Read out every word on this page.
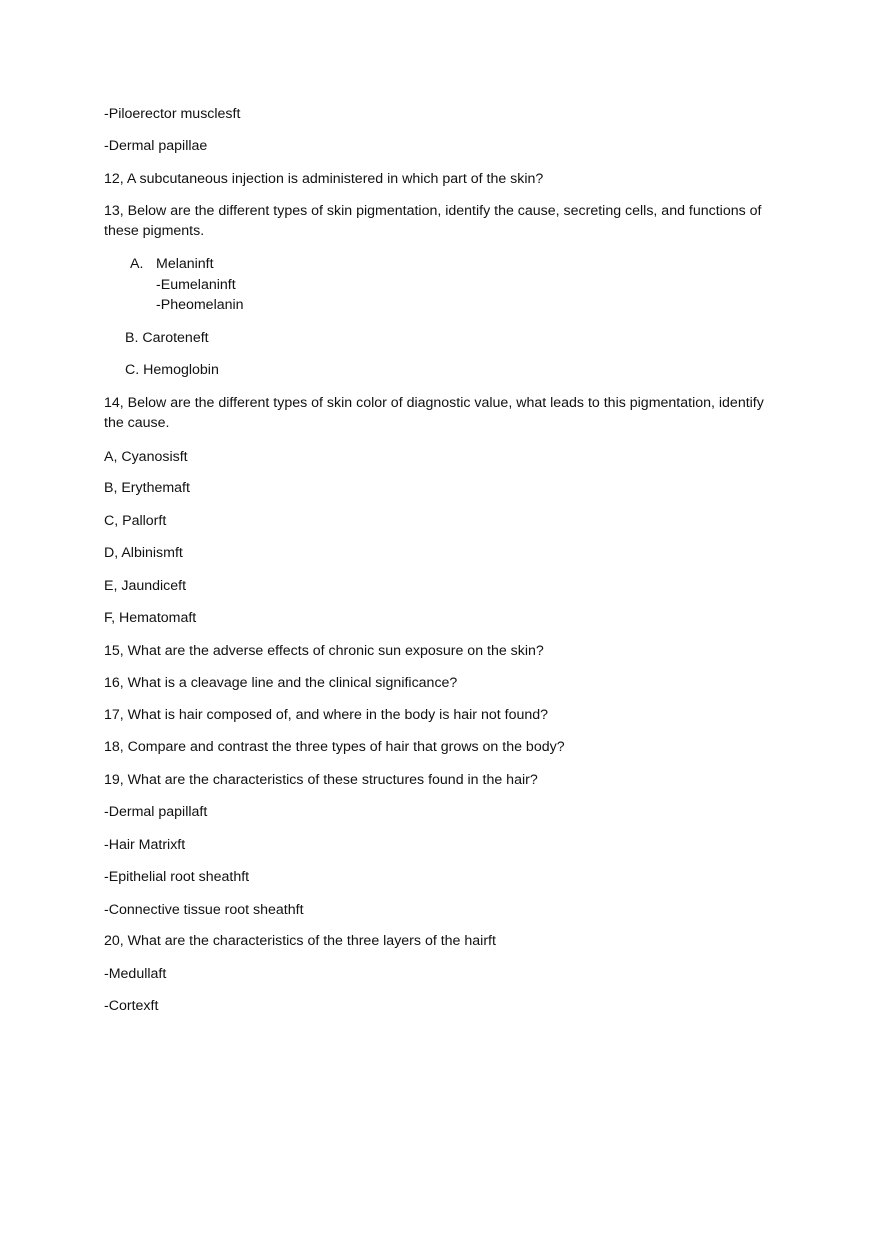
-Piloerector musclesft
-Dermal papillae
12, A subcutaneous injection is administered in which part of the skin?
13, Below are the different types of skin pigmentation, identify the cause, secreting cells, and functions of these pigments.
A. Melaninft
-Eumelaninft
-Pheomelanin
B. Caroteneft
C. Hemoglobin
14, Below are the different types of skin color of diagnostic value, what leads to this pigmentation, identify the cause.
A, Cyanosisft
B, Erythemaft
C, Pallorft
D, Albinismft
E, Jaundiceft
F, Hematomaft
15, What are the adverse effects of chronic sun exposure on the skin?
16, What is a cleavage line and the clinical significance?
17, What is hair composed of, and where in the body is hair not found?
18, Compare and contrast the three types of hair that grows on the body?
19, What are the characteristics of these structures found in the hair?
-Dermal papillaft
-Hair Matrixft
-Epithelial root sheathft
-Connective tissue root sheathft
20, What are the characteristics of the three layers of the hairft
-Medullaft
-Cortexft
